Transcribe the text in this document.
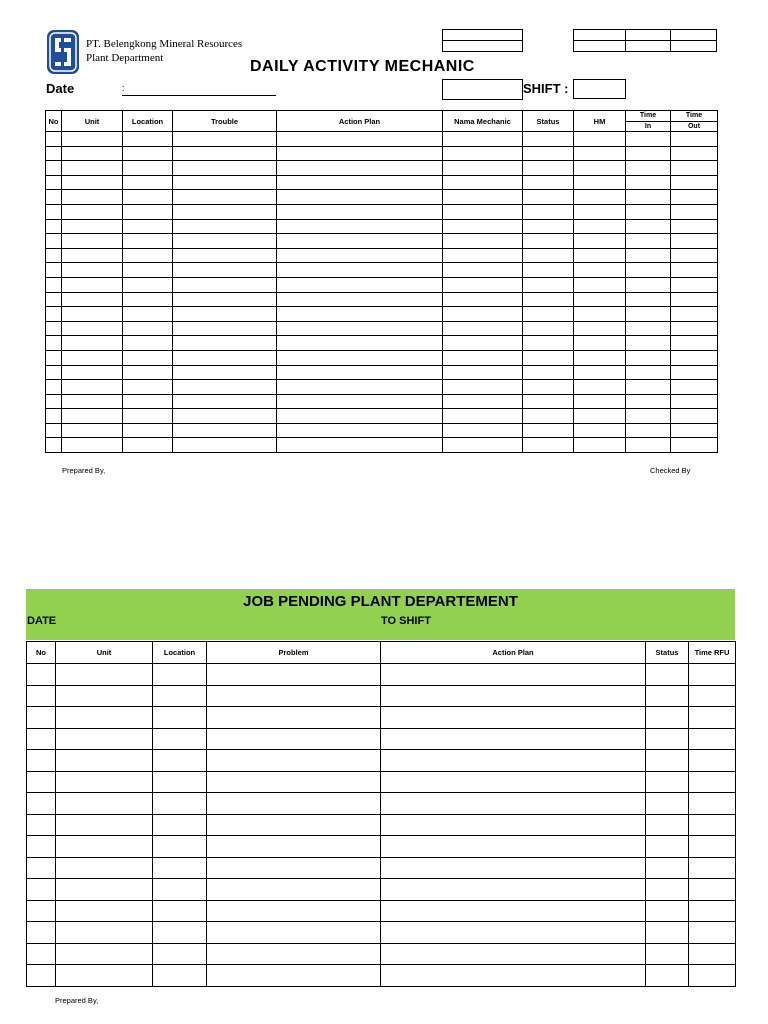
PT. Belengkong Mineral Resources
Plant Department	DAILY ACTIVITY MECHANIC
Date	:	SHIFT :
No	Unit	Location	Trouble	Action Plan	Nama Mechanic	Status	HM	Time	Time
								In	Out

Prepared By,	Checked By
JOB PENDING PLANT DEPARTEMENT
DATE	TO SHIFT
No	Unit	Location	Problem	Action Plan	Status	Time RFU

Prepared By,
